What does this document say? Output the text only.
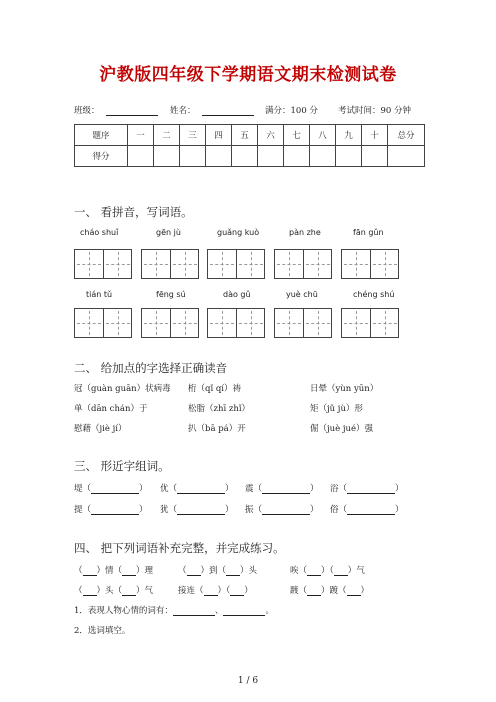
沪教版四年级下学期语文期末检测试卷
班级：	姓名：	满分：100 分 考试时间：90 分钟
题序	一	二	三	四	五	六	七	八	九	十	总分
得分											
一、 看拼音，写词语。
cháo shuǐ	gēn jù	guǎng kuò	pàn zhe	fān gǔn
tián tǔ	fēng sú	dào gǔ	yuè chū	chéng shú
二、 给加点的字选择正确读音
冠（guàn guān）状病毒 桁（qǐ qí）祷	日晕（yùn yūn）
单（dān chán）于	松脂（zhī zhǐ）	矩（jǔ jù）形
慰藉（jiè jí）	扒（bā pá）开	倔（juè jué）强
三、 形近字组词。
堤（	） 优（	） 震（	） 浴（	）
提（	） 犹（	） 振（	） 俗（	）
四、 把下列词语补充完整，并完成练习。
（ ）情（ ）理	（ ）到（ ）头	唉（ ）（ ）气
（ ）头（ ）气	接连（ ）（ ）	踱（ ）踱（ ）
1．表现人物心情的词有：	、	。
2．选词填空。
1 / 6
